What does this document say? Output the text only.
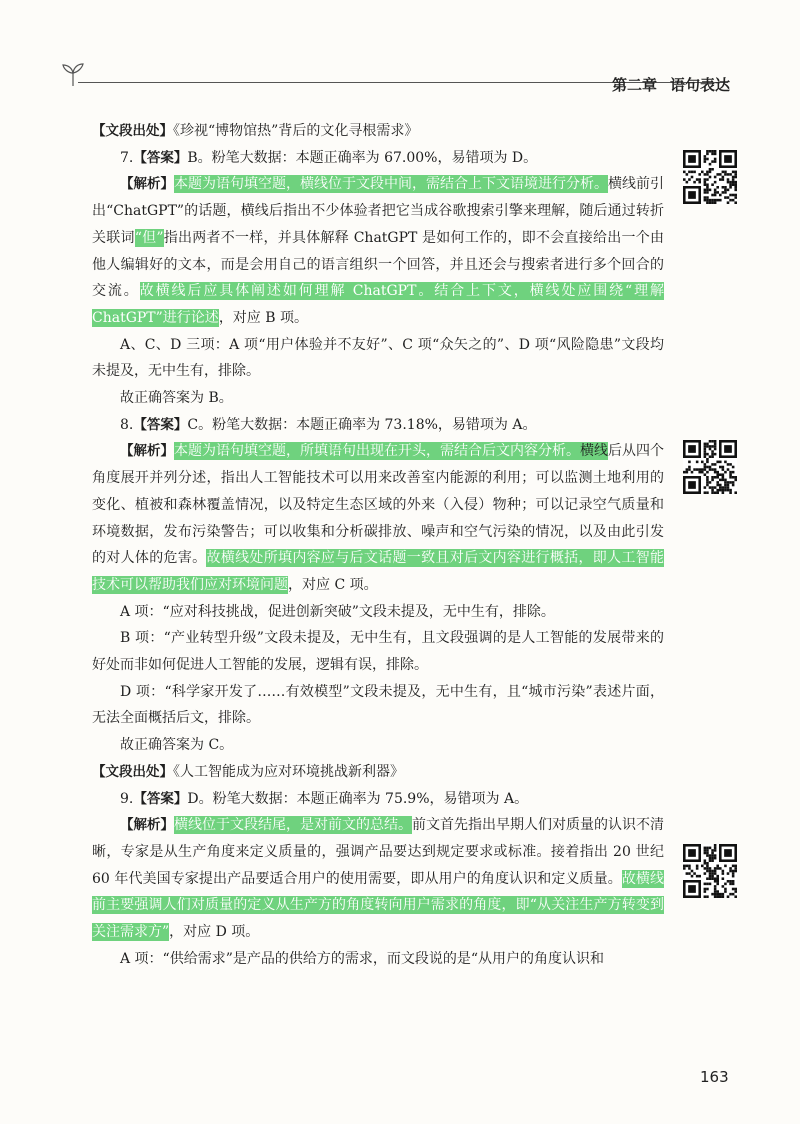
第二章 语句表达

【文段出处】《珍视“博物馆热”背后的文化寻根需求》

7.【答案】B。粉笔大数据：本题正确率为 67.00%，易错项为 D。

【解析】本题为语句填空题，横线位于文段中间，需结合上下文语境进行分析。横线前引出“ChatGPT”的话题，横线后指出不少体验者把它当成谷歌搜索引擎来理解，随后通过转折关联词“但”指出两者不一样，并具体解释 ChatGPT 是如何工作的，即不会直接给出一个由他人编辑好的文本，而是会用自己的语言组织一个回答，并且还会与搜索者进行多个回合的交流。故横线后应具体阐述如何理解 ChatGPT。结合上下文，横线处应围绕“理解 ChatGPT”进行论述，对应 B 项。

A、C、D 三项：A 项“用户体验并不友好”、C 项“众矢之的”、D 项“风险隐患”文段均未提及，无中生有，排除。

故正确答案为 B。

8.【答案】C。粉笔大数据：本题正确率为 73.18%，易错项为 A。

【解析】本题为语句填空题，所填语句出现在开头，需结合后文内容分析。横线后从四个角度展开并列分述，指出人工智能技术可以用来改善室内能源的利用；可以监测土地利用的变化、植被和森林覆盖情况，以及特定生态区域的外来（入侵）物种；可以记录空气质量和环境数据，发布污染警告；可以收集和分析碳排放、噪声和空气污染的情况，以及由此引发的对人体的危害。故横线处所填内容应与后文话题一致且对后文内容进行概括，即人工智能技术可以帮助我们应对环境问题，对应 C 项。

A 项：“应对科技挑战，促进创新突破”文段未提及，无中生有，排除。

B 项：“产业转型升级”文段未提及，无中生有，且文段强调的是人工智能的发展带来的好处而非如何促进人工智能的发展，逻辑有误，排除。

D 项：“科学家开发了……有效模型”文段未提及，无中生有，且“城市污染”表述片面，无法全面概括后文，排除。

故正确答案为 C。

【文段出处】《人工智能成为应对环境挑战新利器》

9.【答案】D。粉笔大数据：本题正确率为 75.9%，易错项为 A。

【解析】横线位于文段结尾，是对前文的总结。前文首先指出早期人们对质量的认识不清晰，专家是从生产角度来定义质量的，强调产品要达到规定要求或标准。接着指出 20 世纪 60 年代美国专家提出产品要适合用户的使用需要，即从用户的角度认识和定义质量。故横线前主要强调人们对质量的定义从生产方的角度转向用户需求的角度，即“从关注生产方转变到关注需求方”，对应 D 项。

A 项：“供给需求”是产品的供给方的需求，而文段说的是“从用户的角度认识和

163
